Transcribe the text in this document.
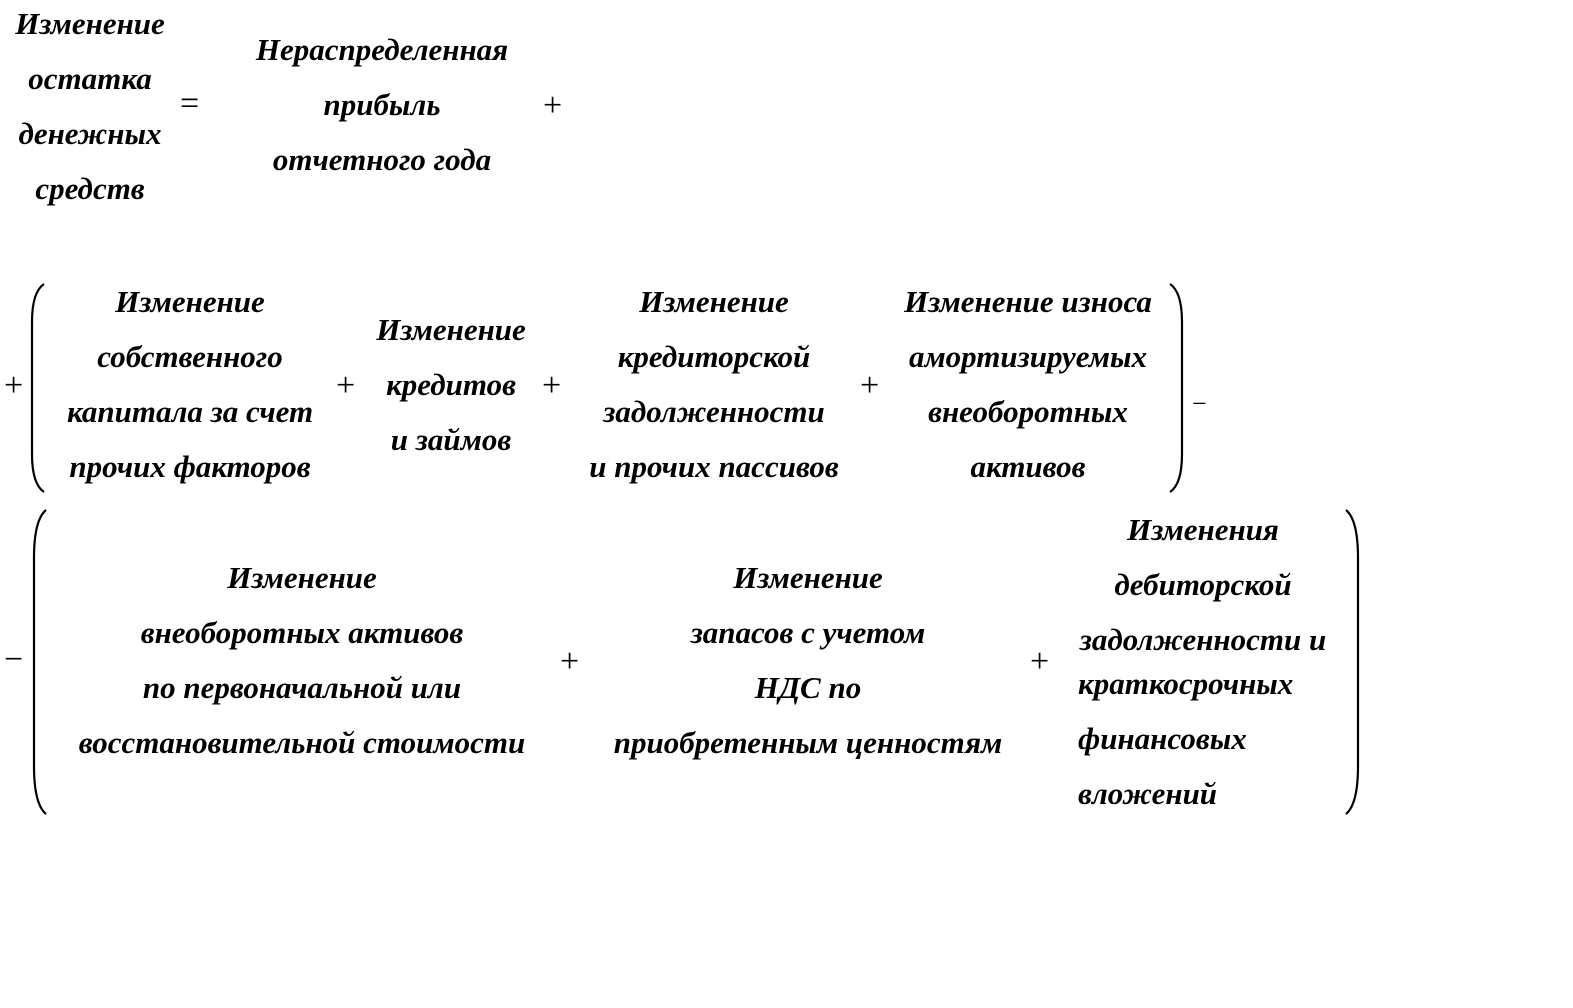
Изменение
остатка
денежных
средств
=
Нераспределенная
прибыль
отчетного года
+
+
Изменение
собственного
капитала за счет
прочих факторов
+
Изменение
кредитов
и займов
+
Изменение
кредиторской
задолженности
и прочих пассивов
+
Изменение износа
амортизируемых
внеоборотных
активов
−
−
Изменение
внеоборотных активов
по первоначальной или
восстановительной стоимости
+
Изменение
запасов с учетом
НДС по
приобретенным ценностям
+
Изменения
дебиторской
задолженности и
краткосрочных
финансовых
вложений
